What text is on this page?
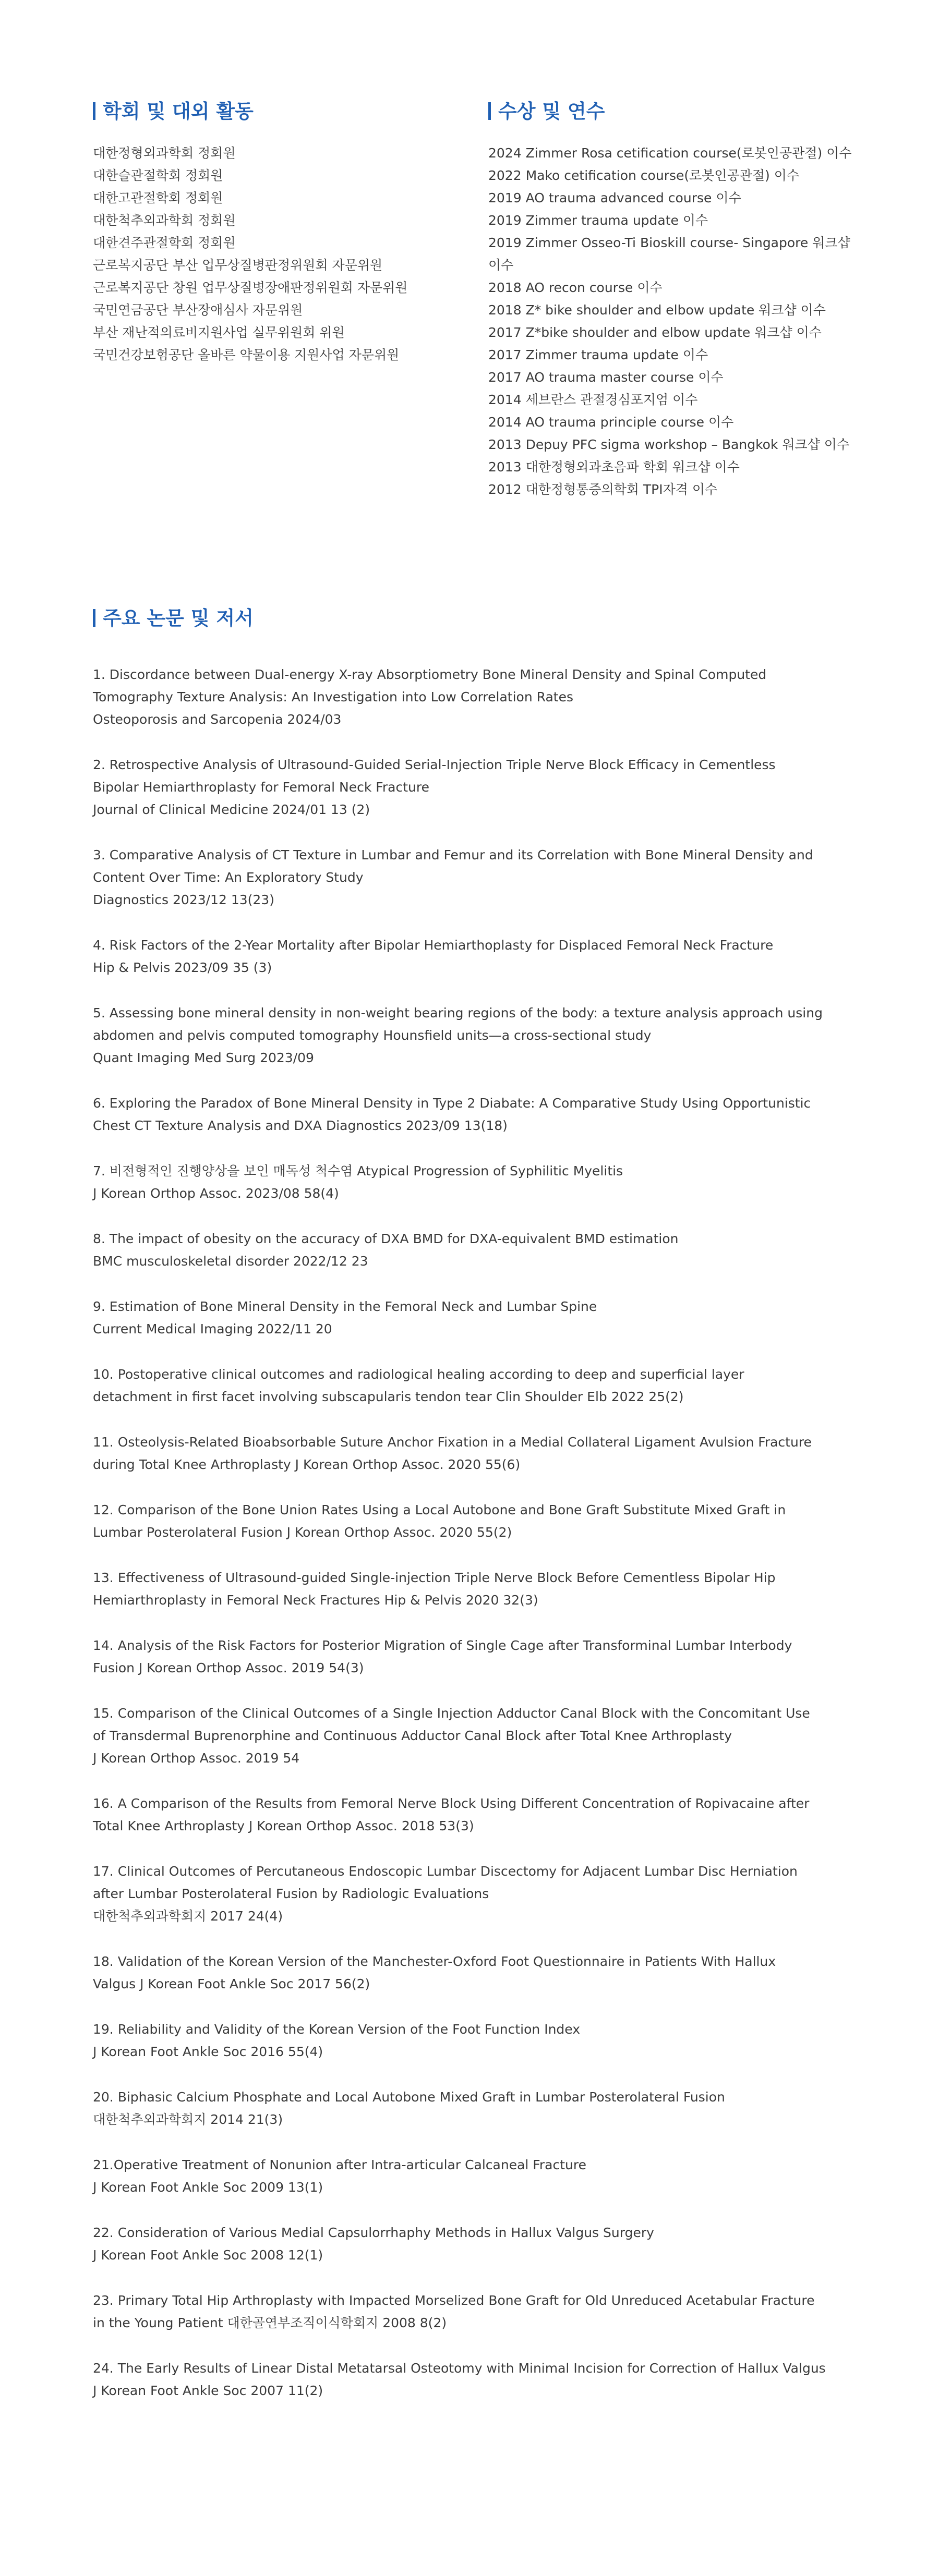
학회 및 대외 활동
대한정형외과학회 정회원
대한슬관절학회 정회원
대한고관절학회 정회원
대한척추외과학회 정회원
대한견주관절학회 정회원
근로복지공단 부산 업무상질병판정위원회 자문위원
근로복지공단 창원 업무상질병장애판정위원회 자문위원
국민연금공단 부산장애심사 자문위원
부산 재난적의료비지원사업 실무위원회 위원
국민건강보험공단 올바른 약물이용 지원사업 자문위원
수상 및 연수
2024 Zimmer Rosa cetification course(로봇인공관절) 이수
2022 Mako cetification course(로봇인공관절) 이수
2019 AO trauma advanced course 이수
2019 Zimmer trauma update 이수
2019 Zimmer Osseo-Ti Bioskill course- Singapore 워크샵
이수
2018 AO recon course 이수
2018 Z* bike shoulder and elbow update 워크샵 이수
2017 Z*bike shoulder and elbow update 워크샵 이수
2017 Zimmer trauma update 이수
2017 AO trauma master course 이수
2014 세브란스 관절경심포지엄 이수
2014 AO trauma principle course 이수
2013 Depuy PFC sigma workshop – Bangkok 워크샵 이수
2013 대한정형외과초음파 학회 워크샵 이수
2012 대한정형통증의학회 TPI자격 이수
주요 논문 및 저서
1. Discordance between Dual-energy X-ray Absorptiometry Bone Mineral Density and Spinal Computed
Tomography Texture Analysis: An Investigation into Low Correlation Rates
Osteoporosis and Sarcopenia 2024/03
2. Retrospective Analysis of Ultrasound-Guided Serial-Injection Triple Nerve Block Efficacy in Cementless
Bipolar Hemiarthroplasty for Femoral Neck Fracture
Journal of Clinical Medicine 2024/01 13 (2)
3. Comparative Analysis of CT Texture in Lumbar and Femur and its Correlation with Bone Mineral Density and
Content Over Time: An Exploratory Study
Diagnostics 2023/12 13(23)
4. Risk Factors of the 2-Year Mortality after Bipolar Hemiarthoplasty for Displaced Femoral Neck Fracture
Hip & Pelvis 2023/09 35 (3)
5. Assessing bone mineral density in non-weight bearing regions of the body: a texture analysis approach using
abdomen and pelvis computed tomography Hounsfield units—a cross-sectional study
Quant Imaging Med Surg 2023/09
6. Exploring the Paradox of Bone Mineral Density in Type 2 Diabate: A Comparative Study Using Opportunistic
Chest CT Texture Analysis and DXA Diagnostics 2023/09 13(18)
7. 비전형적인 진행양상을 보인 매독성 척수염 Atypical Progression of Syphilitic Myelitis
J Korean Orthop Assoc. 2023/08 58(4)
8. The impact of obesity on the accuracy of DXA BMD for DXA-equivalent BMD estimation
BMC musculoskeletal disorder 2022/12 23
9. Estimation of Bone Mineral Density in the Femoral Neck and Lumbar Spine
Current Medical Imaging 2022/11 20
10. Postoperative clinical outcomes and radiological healing according to deep and superficial layer
detachment in first facet involving subscapularis tendon tear Clin Shoulder Elb 2022 25(2)
11. Osteolysis-Related Bioabsorbable Suture Anchor Fixation in a Medial Collateral Ligament Avulsion Fracture
during Total Knee Arthroplasty J Korean Orthop Assoc. 2020 55(6)
12. Comparison of the Bone Union Rates Using a Local Autobone and Bone Graft Substitute Mixed Graft in
Lumbar Posterolateral Fusion J Korean Orthop Assoc. 2020 55(2)
13. Effectiveness of Ultrasound-guided Single-injection Triple Nerve Block Before Cementless Bipolar Hip
Hemiarthroplasty in Femoral Neck Fractures Hip & Pelvis 2020 32(3)
14. Analysis of the Risk Factors for Posterior Migration of Single Cage after Transforminal Lumbar Interbody
Fusion J Korean Orthop Assoc. 2019 54(3)
15. Comparison of the Clinical Outcomes of a Single Injection Adductor Canal Block with the Concomitant Use
of Transdermal Buprenorphine and Continuous Adductor Canal Block after Total Knee Arthroplasty
J Korean Orthop Assoc. 2019 54
16. A Comparison of the Results from Femoral Nerve Block Using Different Concentration of Ropivacaine after
Total Knee Arthroplasty J Korean Orthop Assoc. 2018 53(3)
17. Clinical Outcomes of Percutaneous Endoscopic Lumbar Discectomy for Adjacent Lumbar Disc Herniation
after Lumbar Posterolateral Fusion by Radiologic Evaluations
대한척추외과학회지 2017 24(4)
18. Validation of the Korean Version of the Manchester-Oxford Foot Questionnaire in Patients With Hallux
Valgus J Korean Foot Ankle Soc 2017 56(2)
19. Reliability and Validity of the Korean Version of the Foot Function Index
J Korean Foot Ankle Soc 2016 55(4)
20. Biphasic Calcium Phosphate and Local Autobone Mixed Graft in Lumbar Posterolateral Fusion
대한척추외과학회지 2014 21(3)
21.Operative Treatment of Nonunion after Intra-articular Calcaneal Fracture
J Korean Foot Ankle Soc 2009 13(1)
22. Consideration of Various Medial Capsulorrhaphy Methods in Hallux Valgus Surgery
J Korean Foot Ankle Soc 2008 12(1)
23. Primary Total Hip Arthroplasty with Impacted Morselized Bone Graft for Old Unreduced Acetabular Fracture
in the Young Patient 대한골연부조직이식학회지 2008 8(2)
24. The Early Results of Linear Distal Metatarsal Osteotomy with Minimal Incision for Correction of Hallux Valgus
J Korean Foot Ankle Soc 2007 11(2)
